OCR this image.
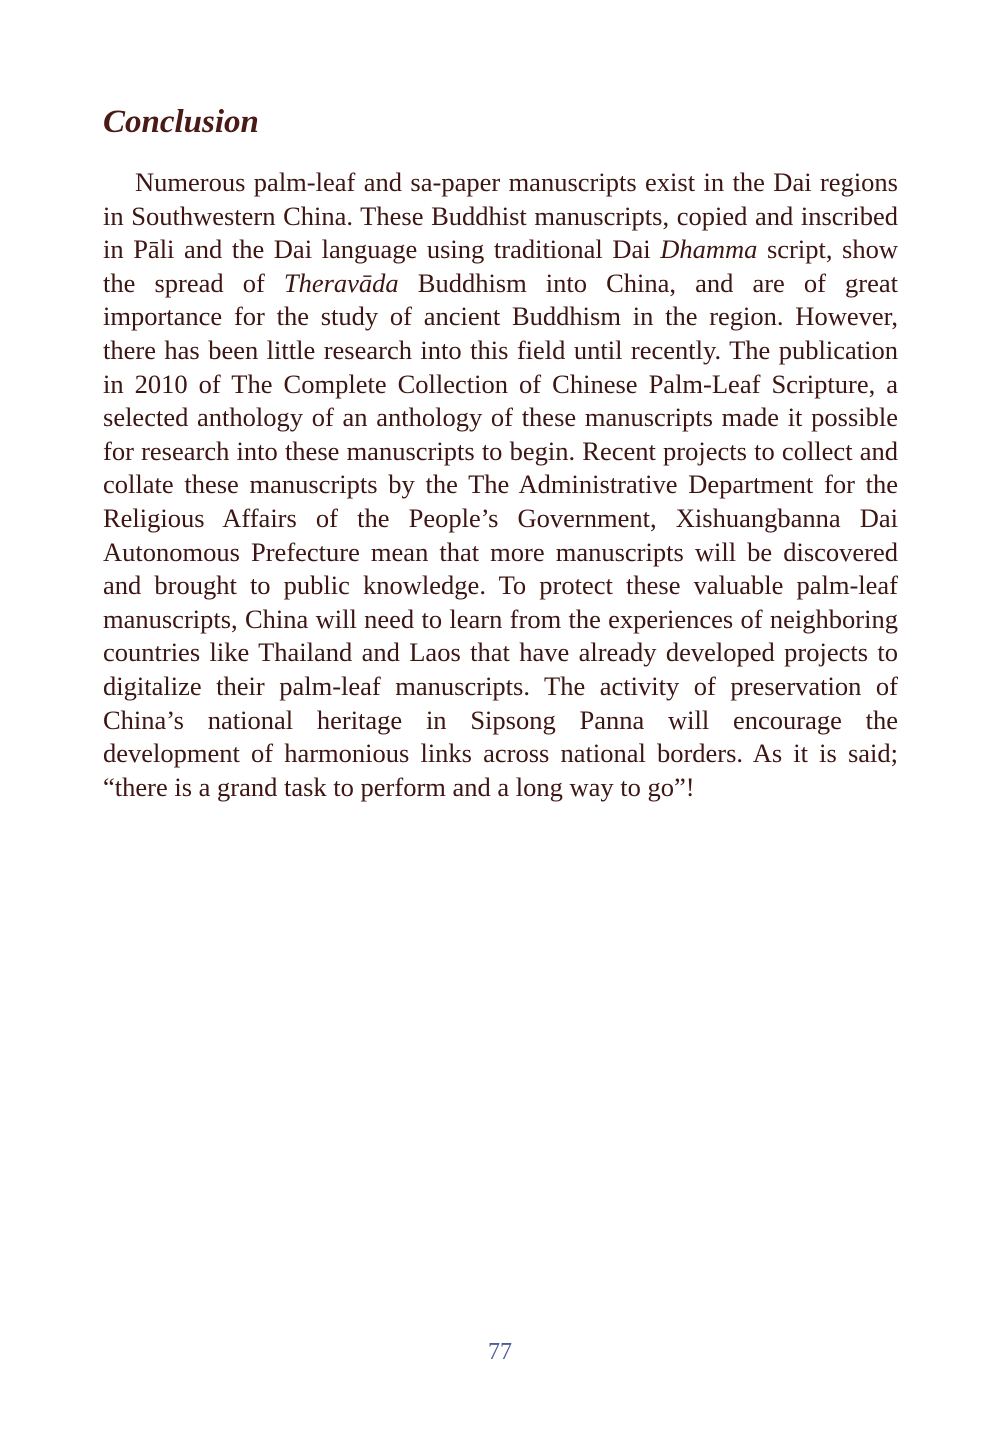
Conclusion

Numerous palm-leaf and sa-paper manuscripts exist in the Dai regions in Southwestern China. These Buddhist manuscripts, copied and inscribed in Pāli and the Dai language using traditional Dai Dhamma script, show the spread of Theravāda Buddhism into China, and are of great importance for the study of ancient Buddhism in the region. However, there has been little research into this field until recently. The publication in 2010 of The Complete Collection of Chinese Palm-Leaf Scripture, a selected anthology of an anthology of these manuscripts made it possible for research into these manuscripts to begin. Recent projects to collect and collate these manuscripts by the The Administrative Department for the Religious Affairs of the People’s Government, Xishuangbanna Dai Autonomous Prefecture mean that more manuscripts will be discovered and brought to public knowledge. To protect these valuable palm-leaf manuscripts, China will need to learn from the experiences of neighboring countries like Thailand and Laos that have already developed projects to digitalize their palm-leaf manuscripts. The activity of preservation of China’s national heritage in Sipsong Panna will encourage the development of harmonious links across national borders. As it is said; “there is a grand task to perform and a long way to go”!

77
